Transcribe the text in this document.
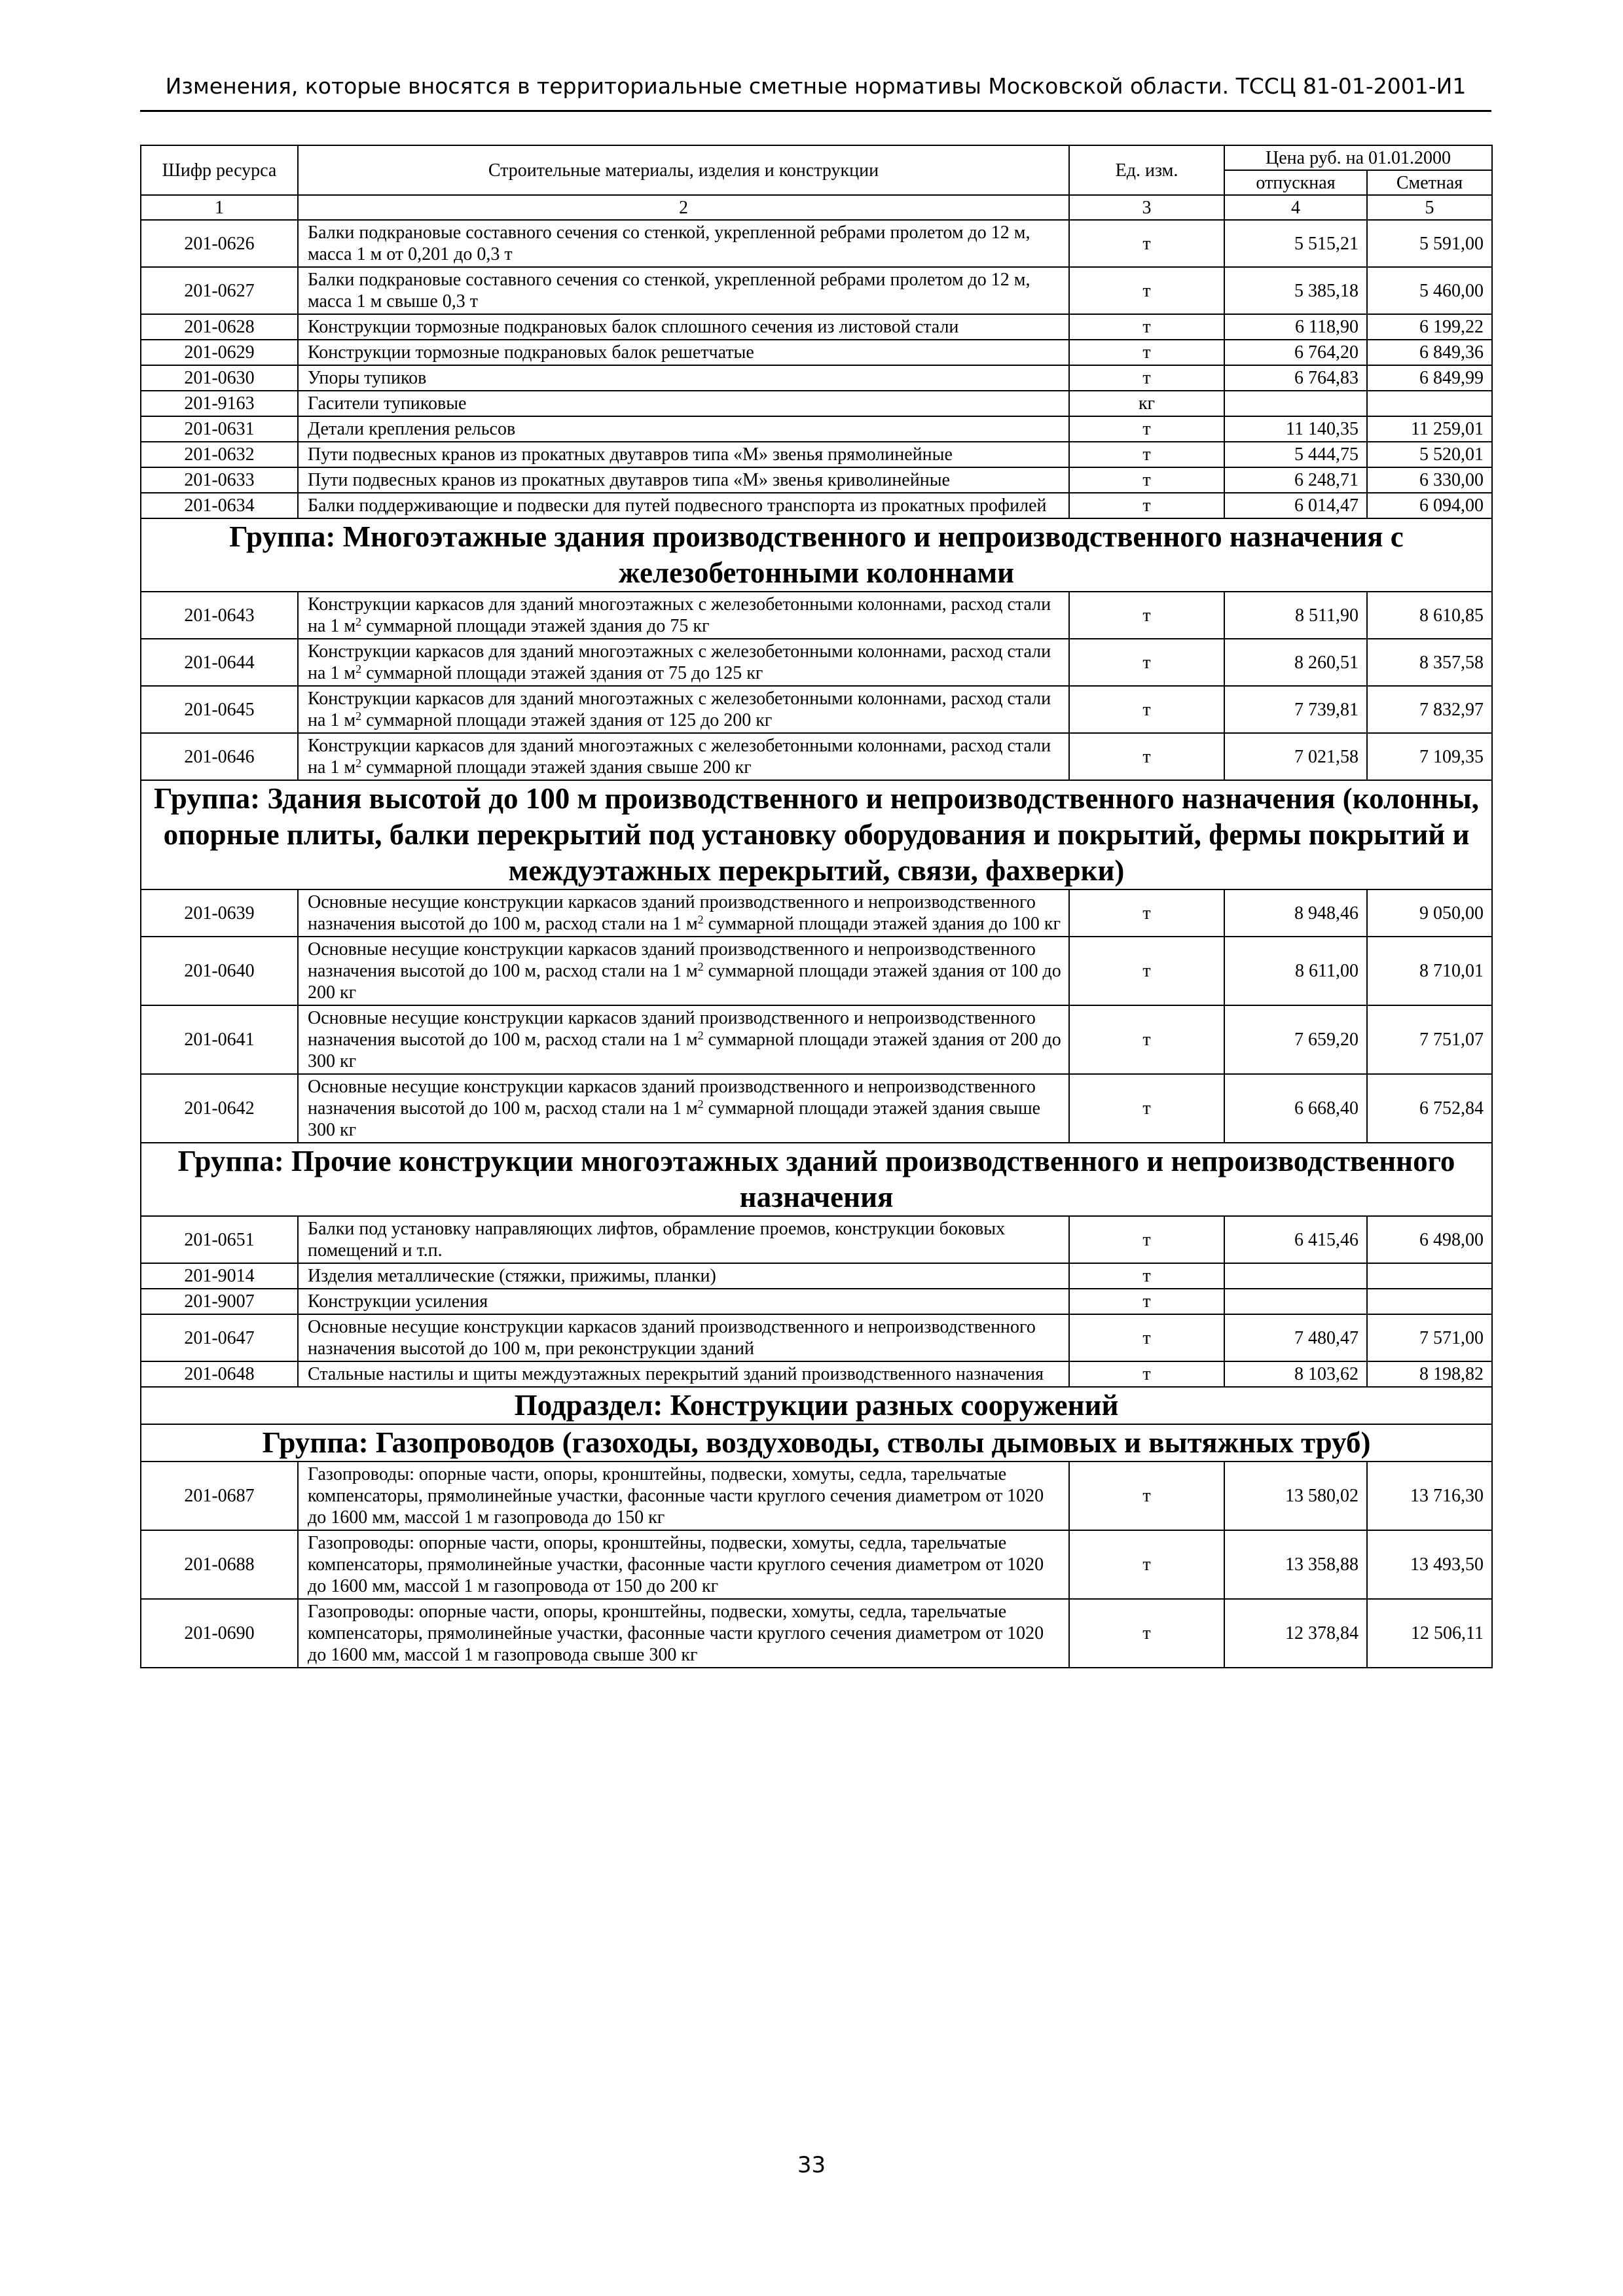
Изменения, которые вносятся в территориальные сметные нормативы Московской области. ТССЦ 81-01-2001-И1
Шифр ресурса	Строительные материалы, изделия и конструкции	Ед. изм.	Цена руб. на 01.01.2000	
			отпускная	Сметная
1	2	3	4	5
201-0626	Балки подкрановые составного сечения со стенкой, укрепленной ребрами пролетом до 12 м, масса 1 м от 0,201 до 0,3 т	т	5 515,21	5 591,00
201-0627	Балки подкрановые составного сечения со стенкой, укрепленной ребрами пролетом до 12 м, масса 1 м свыше 0,3 т	т	5 385,18	5 460,00
201-0628	Конструкции тормозные подкрановых балок сплошного сечения из листовой стали	т	6 118,90	6 199,22
201-0629	Конструкции тормозные подкрановых балок решетчатые	т	6 764,20	6 849,36
201-0630	Упоры тупиков	т	6 764,83	6 849,99
201-9163	Гасители тупиковые	кг		
201-0631	Детали крепления рельсов	т	11 140,35	11 259,01
201-0632	Пути подвесных кранов из прокатных двутавров типа «М» звенья прямолинейные	т	5 444,75	5 520,01
201-0633	Пути подвесных кранов из прокатных двутавров типа «М» звенья криволинейные	т	6 248,71	6 330,00
201-0634	Балки поддерживающие и подвески для путей подвесного транспорта из прокатных профилей	т	6 014,47	6 094,00
Группа: Многоэтажные здания производственного и непроизводственного назначения с железобетонными колоннами				
201-0643	Конструкции каркасов для зданий многоэтажных с железобетонными колоннами, расход стали на 1 $м^2$ суммарной площади этажей здания до 75 кг	т	8 511,90	8 610,85
201-0644	Конструкции каркасов для зданий многоэтажных с железобетонными колоннами, расход стали на 1 $м^2$ суммарной площади этажей здания от 75 до 125 кг	т	8 260,51	8 357,58
201-0645	Конструкции каркасов для зданий многоэтажных с железобетонными колоннами, расход стали на 1 $м^2$ суммарной площади этажей здания от 125 до 200 кг	т	7 739,81	7 832,97
201-0646	Конструкции каркасов для зданий многоэтажных с железобетонными колоннами, расход стали на 1 $м^2$ суммарной площади этажей здания свыше 200 кг	т	7 021,58	7 109,35
Группа: Здания высотой до 100 м производственного и непроизводственного назначения (колонны, опорные плиты, балки перекрытий под установку оборудования и покрытий, фермы покрытий и междуэтажных перекрытий, связи, фахверки)				
201-0639	Основные несущие конструкции каркасов зданий производственного и непроизводственного назначения высотой до 100 м, расход стали на 1 $м^2$ суммарной площади этажей здания до 100 кг	т	8 948,46	9 050,00
201-0640	Основные несущие конструкции каркасов зданий производственного и непроизводственного назначения высотой до 100 м, расход стали на 1 $м^2$ суммарной площади этажей здания от 100 до 200 кг	т	8 611,00	8 710,01
201-0641	Основные несущие конструкции каркасов зданий производственного и непроизводственного назначения высотой до 100 м, расход стали на 1 $м^2$ суммарной площади этажей здания от 200 до 300 кг	т	7 659,20	7 751,07
201-0642	Основные несущие конструкции каркасов зданий производственного и непроизводственного назначения высотой до 100 м, расход стали на 1 $м^2$ суммарной площади этажей здания свыше 300 кг	т	6 668,40	6 752,84
Группа: Прочие конструкции многоэтажных зданий производственного и непроизводственного назначения				
201-0651	Балки под установку направляющих лифтов, обрамление проемов, конструкции боковых помещений и т.п.	т	6 415,46	6 498,00
201-9014	Изделия металлические (стяжки, прижимы, планки)	т		
201-9007	Конструкции усиления	т		
201-0647	Основные несущие конструкции каркасов зданий производственного и непроизводственного назначения высотой до 100 м, при реконструкции зданий	т	7 480,47	7 571,00
201-0648	Стальные настилы и щиты междуэтажных перекрытий зданий производственного назначения	т	8 103,62	8 198,82
Подраздел: Конструкции разных сооружений				
Группа: Газопроводов (газоходы, воздуховоды, стволы дымовых и вытяжных труб)				
201-0687	Газопроводы: опорные части, опоры, кронштейны, подвески, хомуты, седла, тарельчатые компенсаторы, прямолинейные участки, фасонные части круглого сечения диаметром от 1020 до 1600 мм, массой 1 м газопровода до 150 кг	т	13 580,02	13 716,30
201-0688	Газопроводы: опорные части, опоры, кронштейны, подвески, хомуты, седла, тарельчатые компенсаторы, прямолинейные участки, фасонные части круглого сечения диаметром от 1020 до 1600 мм, массой 1 м газопровода от 150 до 200 кг	т	13 358,88	13 493,50
201-0690	Газопроводы: опорные части, опоры, кронштейны, подвески, хомуты, седла, тарельчатые компенсаторы, прямолинейные участки, фасонные части круглого сечения диаметром от 1020 до 1600 мм, массой 1 м газопровода свыше 300 кг	т	12 378,84	12 506,11
33
